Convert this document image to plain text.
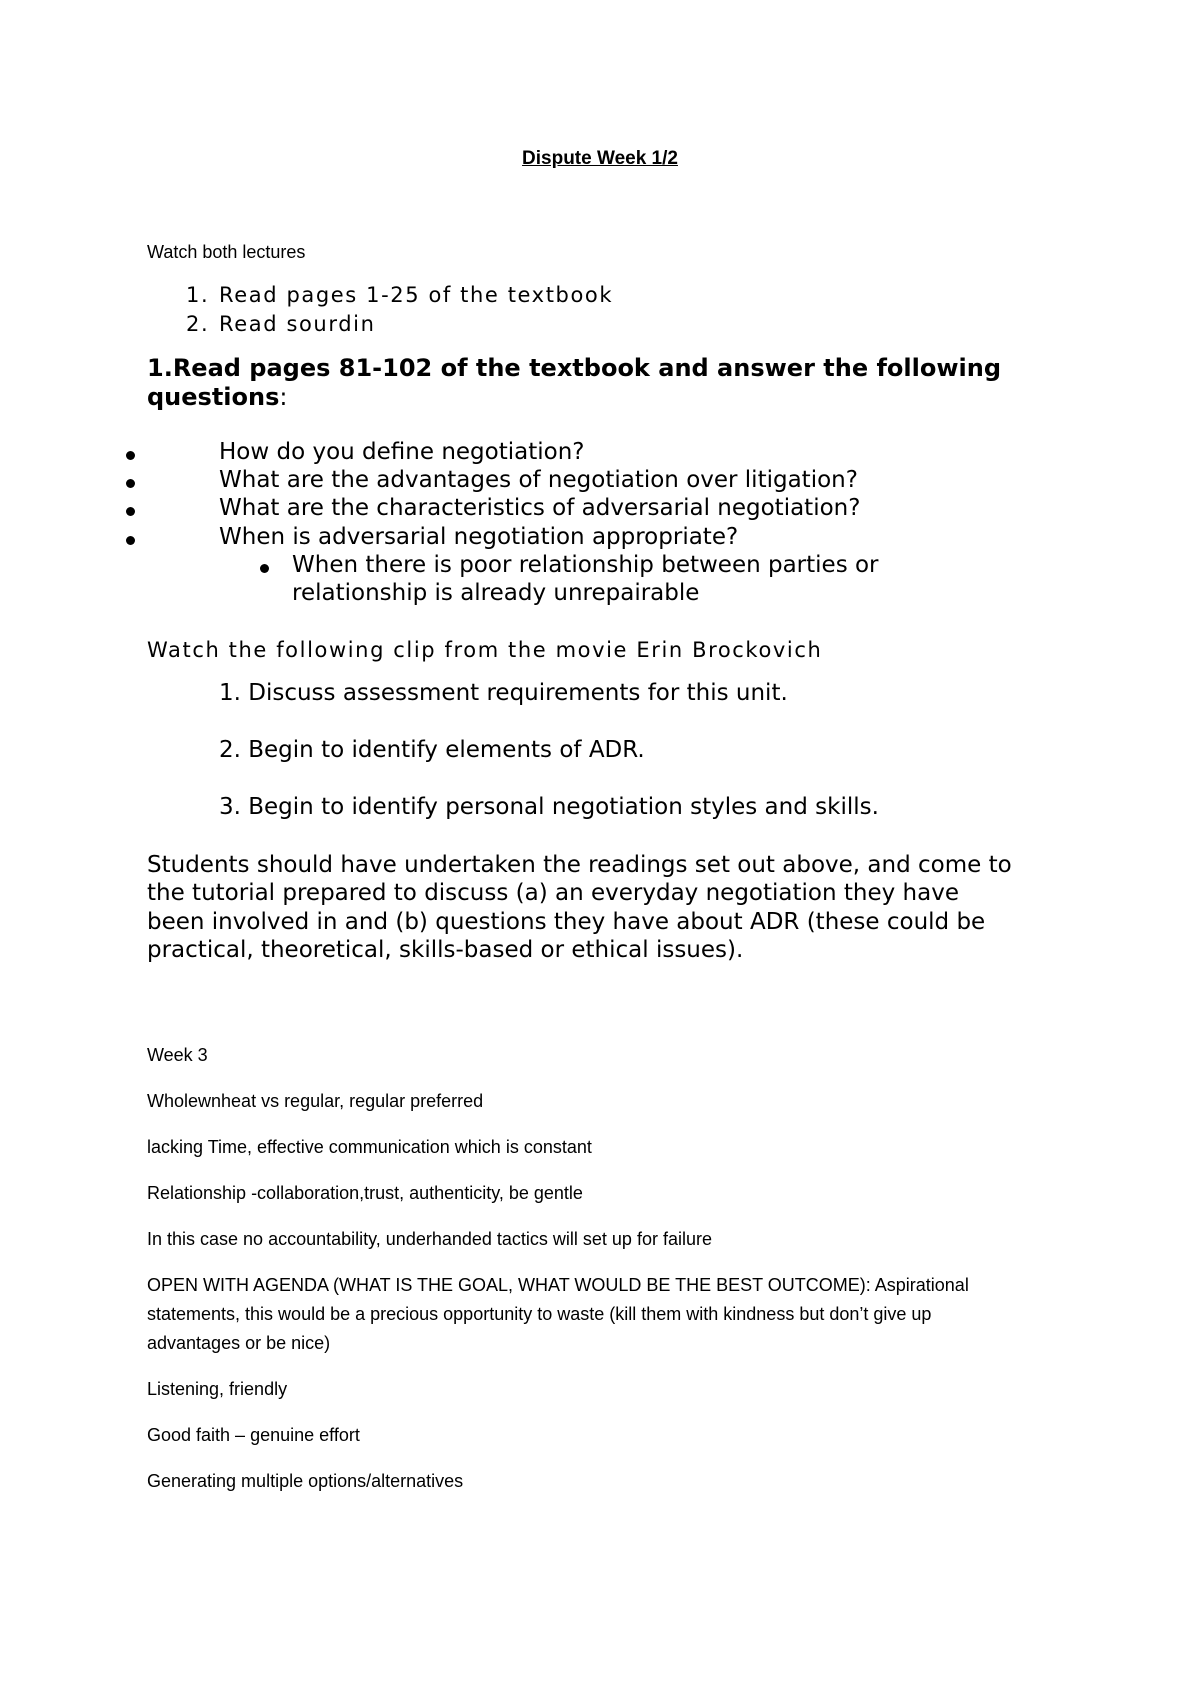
Dispute Week 1/2

Watch both lectures

1. Read pages 1-25 of the textbook

2. Read sourdin

1.Read pages 81-102 of the textbook and answer the following

questions:

How do you define negotiation?

What are the advantages of negotiation over litigation?

What are the characteristics of adversarial negotiation?

When is adversarial negotiation appropriate?

When there is poor relationship between parties or

relationship is already unrepairable

Watch the following clip from the movie Erin Brockovich

1. Discuss assessment requirements for this unit.

2. Begin to identify elements of ADR.

3. Begin to identify personal negotiation styles and skills.

Students should have undertaken the readings set out above, and come to

the tutorial prepared to discuss (a) an everyday negotiation they have

been involved in and (b) questions they have about ADR (these could be

practical, theoretical, skills-based or ethical issues).

Week 3

Wholewnheat vs regular, regular preferred

lacking Time, effective communication which is constant

Relationship -collaboration,trust, authenticity, be gentle

In this case no accountability, underhanded tactics will set up for failure

OPEN WITH AGENDA (WHAT IS THE GOAL, WHAT WOULD BE THE BEST OUTCOME): Aspirational

statements, this would be a precious opportunity to waste (kill them with kindness but don’t give up

advantages or be nice)

Listening, friendly

Good faith – genuine effort

Generating multiple options/alternatives
